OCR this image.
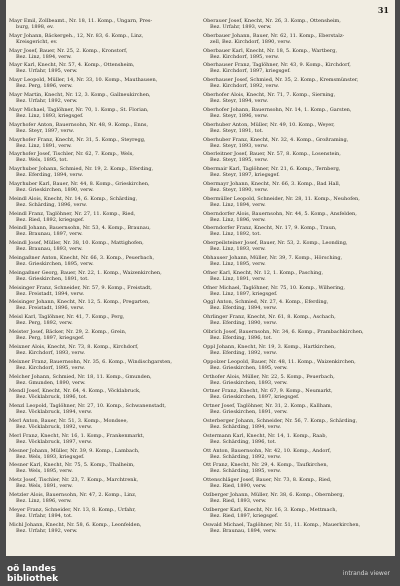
31
Mayr Emil, Zollbeamt., Nr. 18, 11. Komp., Ungarn, Pres-
burg, 1898, ev.
Mayr Johann, Bäckergeh., 12, Nr. 83, 6. Komp., Linz,
Kreisgericht, ev.
Mayr Josef, Bauer, Nr. 25, 2. Komp., Kronstorf,
Bez. Linz, 1894, verw.
Mayr Karl, Knecht, Nr. 57, 4. Komp., Ottensheim,
Bez. Urfahr, 1895, verw.
Mayr Leopold, Müller, 14, Nr. 33, 10. Komp., Mauthausen,
Bez. Perg, 1896, verw.
Mayr Martin, Knecht, Nr. 12, 3. Komp., Gallneukirchen,
Bez. Urfahr, 1892, verw.
Mayr Michael, Taglöhner, Nr. 70, 1. Komp., St. Florian,
Bez. Linz, 1893, kriegsgef.
Mayrhofer Anton, Bauernsohn, Nr. 48, 9. Komp., Enns,
Bez. Steyr, 1897, verw.
Mayrhofer Franz, Knecht, Nr. 31, 5. Komp., Steyregg,
Bez. Linz, 1891, verw.
Mayrhofer Josef, Tischler, Nr. 62, 7. Komp., Wels,
Bez. Wels, 1895, tot.
Mayrhuber Johann, Schmied, Nr. 19, 2. Komp., Eferding,
Bez. Eferding, 1894, verw.
Mayrhuber Karl, Bauer, Nr. 44, 8. Komp., Grieskirchen,
Bez. Grieskirchen, 1890, verw.
Meindl Alois, Knecht, Nr. 14, 6. Komp., Schärding,
Bez. Schärding, 1896, verw.
Meindl Franz, Taglöhner, Nr. 27, 11. Komp., Ried,
Bez. Ried, 1892, kriegsgef.
Meindl Johann, Bauernsohn, Nr. 53, 4. Komp., Braunau,
Bez. Braunau, 1897, verw.
Meindl Josef, Müller, Nr. 38, 10. Komp., Mattighofen,
Bez. Braunau, 1893, verw.
Meingaßner Anton, Knecht, Nr. 66, 3. Komp., Peuerbach,
Bez. Grieskirchen, 1895, verw.
Meingaßner Georg, Bauer, Nr. 22, 1. Komp., Waizenkirchen,
Bez. Grieskirchen, 1891, tot.
Meisinger Franz, Schneider, Nr. 57, 9. Komp., Freistadt,
Bez. Freistadt, 1894, verw.
Meisinger Johann, Knecht, Nr. 12, 5. Komp., Pregarten,
Bez. Freistadt, 1896, verw.
Meisl Karl, Taglöhner, Nr. 41, 7. Komp., Perg,
Bez. Perg, 1892, verw.
Meister Josef, Bäcker, Nr. 29, 2. Komp., Grein,
Bez. Perg, 1897, kriegsgef.
Meixner Alois, Knecht, Nr. 73, 8. Komp., Kirchdorf,
Bez. Kirchdorf, 1893, verw.
Meixner Franz, Bauernsohn, Nr. 35, 6. Komp., Windischgarsten,
Bez. Kirchdorf, 1895, verw.
Melcher Johann, Schmied, Nr. 18, 11. Komp., Gmunden,
Bez. Gmunden, 1890, verw.
Mendl Josef, Knecht, Nr. 64, 4. Komp., Vöcklabruck,
Bez. Vöcklabruck, 1896, tot.
Menzl Leopold, Taglöhner, Nr. 27, 10. Komp., Schwanenstadt,
Bez. Vöcklabruck, 1894, verw.
Merl Anton, Bauer, Nr. 51, 3. Komp., Mondsee,
Bez. Vöcklabruck, 1892, verw.
Merl Franz, Knecht, Nr. 16, 1. Komp., Frankenmarkt,
Bez. Vöcklabruck, 1897, verw.
Mesner Johann, Müller, Nr. 39, 9. Komp., Lambach,
Bez. Wels, 1893, kriegsgef.
Mesner Karl, Knecht, Nr. 75, 5. Komp., Thalheim,
Bez. Wels, 1895, verw.
Metz Josef, Tischler, Nr. 23, 7. Komp., Marchtrenk,
Bez. Wels, 1891, verw.
Metzler Alois, Bauernsohn, Nr. 47, 2. Komp., Linz,
Bez. Linz, 1896, verw.
Meyer Franz, Schneider, Nr. 13, 8. Komp., Urfahr,
Bez. Urfahr, 1894, tot.
Michl Johann, Knecht, Nr. 58, 6. Komp., Leonfelden,
Bez. Urfahr, 1892, verw.
Oberauer Josef, Knecht, Nr. 26, 3. Komp., Ottensheim,
Bez. Urfahr, 1893, verw.
Oberbauer Johann, Bauer, Nr. 62, 11. Komp., Eberstalz-
zell, Bez. Kirchdorf, 1890, verw.
Oberbauer Karl, Knecht, Nr. 18, 5. Komp., Wartberg,
Bez. Kirchdorf, 1895, verw.
Oberhauser Franz, Taglöhner, Nr. 43, 9. Komp., Kirchdorf,
Bez. Kirchdorf, 1897, kriegsgef.
Oberhauser Josef, Schmied, Nr. 35, 2. Komp., Kremsmünster,
Bez. Kirchdorf, 1892, verw.
Oberhofer Alois, Knecht, Nr. 71, 7. Komp., Sierning,
Bez. Steyr, 1894, verw.
Oberhofer Johann, Bauernsohn, Nr. 14, 1. Komp., Garsten,
Bez. Steyr, 1896, verw.
Oberhuber Anton, Müller, Nr. 49, 10. Komp., Weyer,
Bez. Steyr, 1891, tot.
Oberhuber Franz, Knecht, Nr. 32, 4. Komp., Großraming,
Bez. Steyr, 1893, verw.
Oberleitner Josef, Bauer, Nr. 57, 8. Komp., Losenstein,
Bez. Steyr, 1895, verw.
Obermair Karl, Taglöhner, Nr. 21, 6. Komp., Ternberg,
Bez. Steyr, 1897, kriegsgef.
Obermayr Johann, Knecht, Nr. 66, 3. Komp., Bad Hall,
Bez. Steyr, 1890, verw.
Obermüller Leopold, Schneider, Nr. 28, 11. Komp., Neuhofen,
Bez. Linz, 1894, verw.
Oberndorfer Alois, Bauernsohn, Nr. 44, 5. Komp., Ansfelden,
Bez. Linz, 1896, verw.
Oberndorfer Franz, Knecht, Nr. 17, 9. Komp., Traun,
Bez. Linz, 1892, tot.
Oberpeilsteiner Josef, Bauer, Nr. 53, 2. Komp., Leonding,
Bez. Linz, 1893, verw.
Obhauser Johann, Müller, Nr. 39, 7. Komp., Hörsching,
Bez. Linz, 1895, verw.
Ofner Karl, Knecht, Nr. 12, 1. Komp., Pasching,
Bez. Linz, 1891, verw.
Ofner Michael, Taglöhner, Nr. 75, 10. Komp., Wilhering,
Bez. Linz, 1897, kriegsgef.
Oggl Anton, Schmied, Nr. 27, 4. Komp., Eferding,
Bez. Eferding, 1894, verw.
Ohrlinger Franz, Knecht, Nr. 61, 8. Komp., Aschach,
Bez. Eferding, 1890, verw.
Olbrich Josef, Bauernsohn, Nr. 34, 6. Komp., Prambachkirchen,
Bez. Eferding, 1896, tot.
Oppl Johann, Knecht, Nr. 19, 3. Komp., Hartkirchen,
Bez. Eferding, 1892, verw.
Oppolzer Leopold, Bauer, Nr. 48, 11. Komp., Waizenkirchen,
Bez. Grieskirchen, 1895, verw.
Orthofer Alois, Müller, Nr. 22, 5. Komp., Peuerbach,
Bez. Grieskirchen, 1893, verw.
Ortner Franz, Knecht, Nr. 67, 9. Komp., Neumarkt,
Bez. Grieskirchen, 1897, kriegsgef.
Ortner Josef, Taglöhner, Nr. 31, 2. Komp., Kallham,
Bez. Grieskirchen, 1891, verw.
Osterberger Johann, Schneider, Nr. 56, 7. Komp., Schärding,
Bez. Schärding, 1894, verw.
Ostermann Karl, Knecht, Nr. 14, 1. Komp., Raab,
Bez. Schärding, 1896, tot.
Ott Anton, Bauernsohn, Nr. 42, 10. Komp., Andorf,
Bez. Schärding, 1892, verw.
Ott Franz, Knecht, Nr. 29, 4. Komp., Taufkirchen,
Bez. Schärding, 1895, verw.
Ottenschläger Josef, Bauer, Nr. 73, 8. Komp., Ried,
Bez. Ried, 1890, verw.
Ozlberger Johann, Müller, Nr. 38, 6. Komp., Obernberg,
Bez. Ried, 1893, verw.
Ozlberger Karl, Knecht, Nr. 16, 3. Komp., Mettmach,
Bez. Ried, 1897, kriegsgef.
Oswald Michael, Taglöhner, Nr. 51, 11. Komp., Mauerkirchen,
Bez. Braunau, 1894, verw.
oö landes
bibliothek
intranda viewer
